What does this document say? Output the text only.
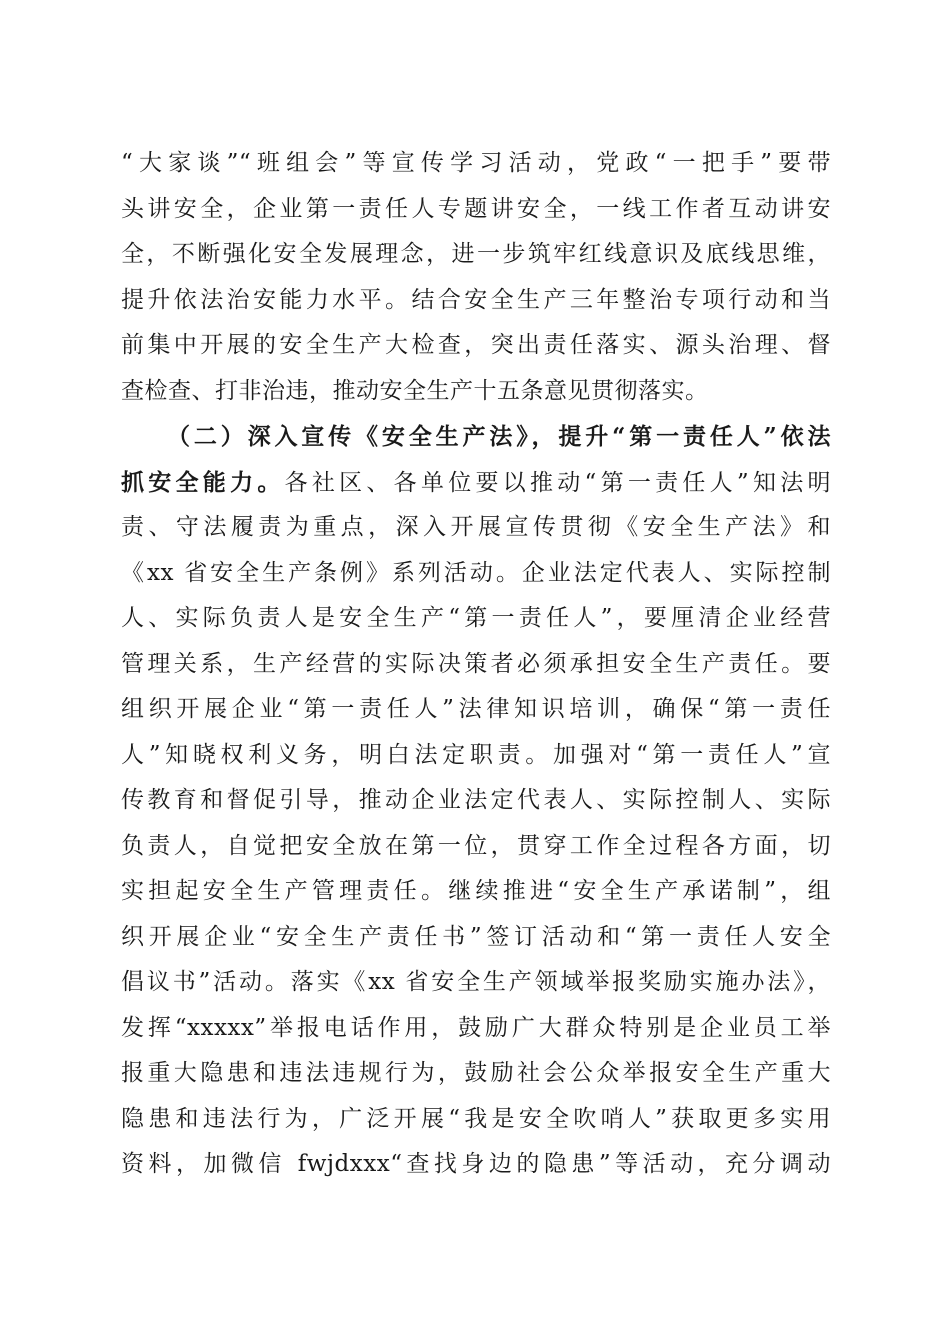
“大家谈”“班组会”等宣传学习活动，党政“一把手”要带
头讲安全，企业第一责任人专题讲安全，一线工作者互动讲安
全，不断强化安全发展理念，进一步筑牢红线意识及底线思维，
提升依法治安能力水平。结合安全生产三年整治专项行动和当
前集中开展的安全生产大检查，突出责任落实、源头治理、督
查检查、打非治违，推动安全生产十五条意见贯彻落实。
（二）深入宣传《安全生产法》，提升“第一责任人”依法
抓安全能力。各社区、各单位要以推动“第一责任人”知法明
责、守法履责为重点，深入开展宣传贯彻《安全生产法》和
《xx 省安全生产条例》系列活动。企业法定代表人、实际控制
人、实际负责人是安全生产“第一责任人”，要厘清企业经营
管理关系，生产经营的实际决策者必须承担安全生产责任。要
组织开展企业“第一责任人”法律知识培训，确保“第一责任
人”知晓权利义务，明白法定职责。加强对“第一责任人”宣
传教育和督促引导，推动企业法定代表人、实际控制人、实际
负责人，自觉把安全放在第一位，贯穿工作全过程各方面，切
实担起安全生产管理责任。继续推进“安全生产承诺制”，组
织开展企业“安全生产责任书”签订活动和“第一责任人安全
倡议书”活动。落实《xx 省安全生产领域举报奖励实施办法》，
发挥“xxxxx”举报电话作用，鼓励广大群众特别是企业员工举
报重大隐患和违法违规行为，鼓励社会公众举报安全生产重大
隐患和违法行为，广泛开展“我是安全吹哨人”获取更多实用
资料，加微信 fwjdxxx“查找身边的隐患”等活动，充分调动
